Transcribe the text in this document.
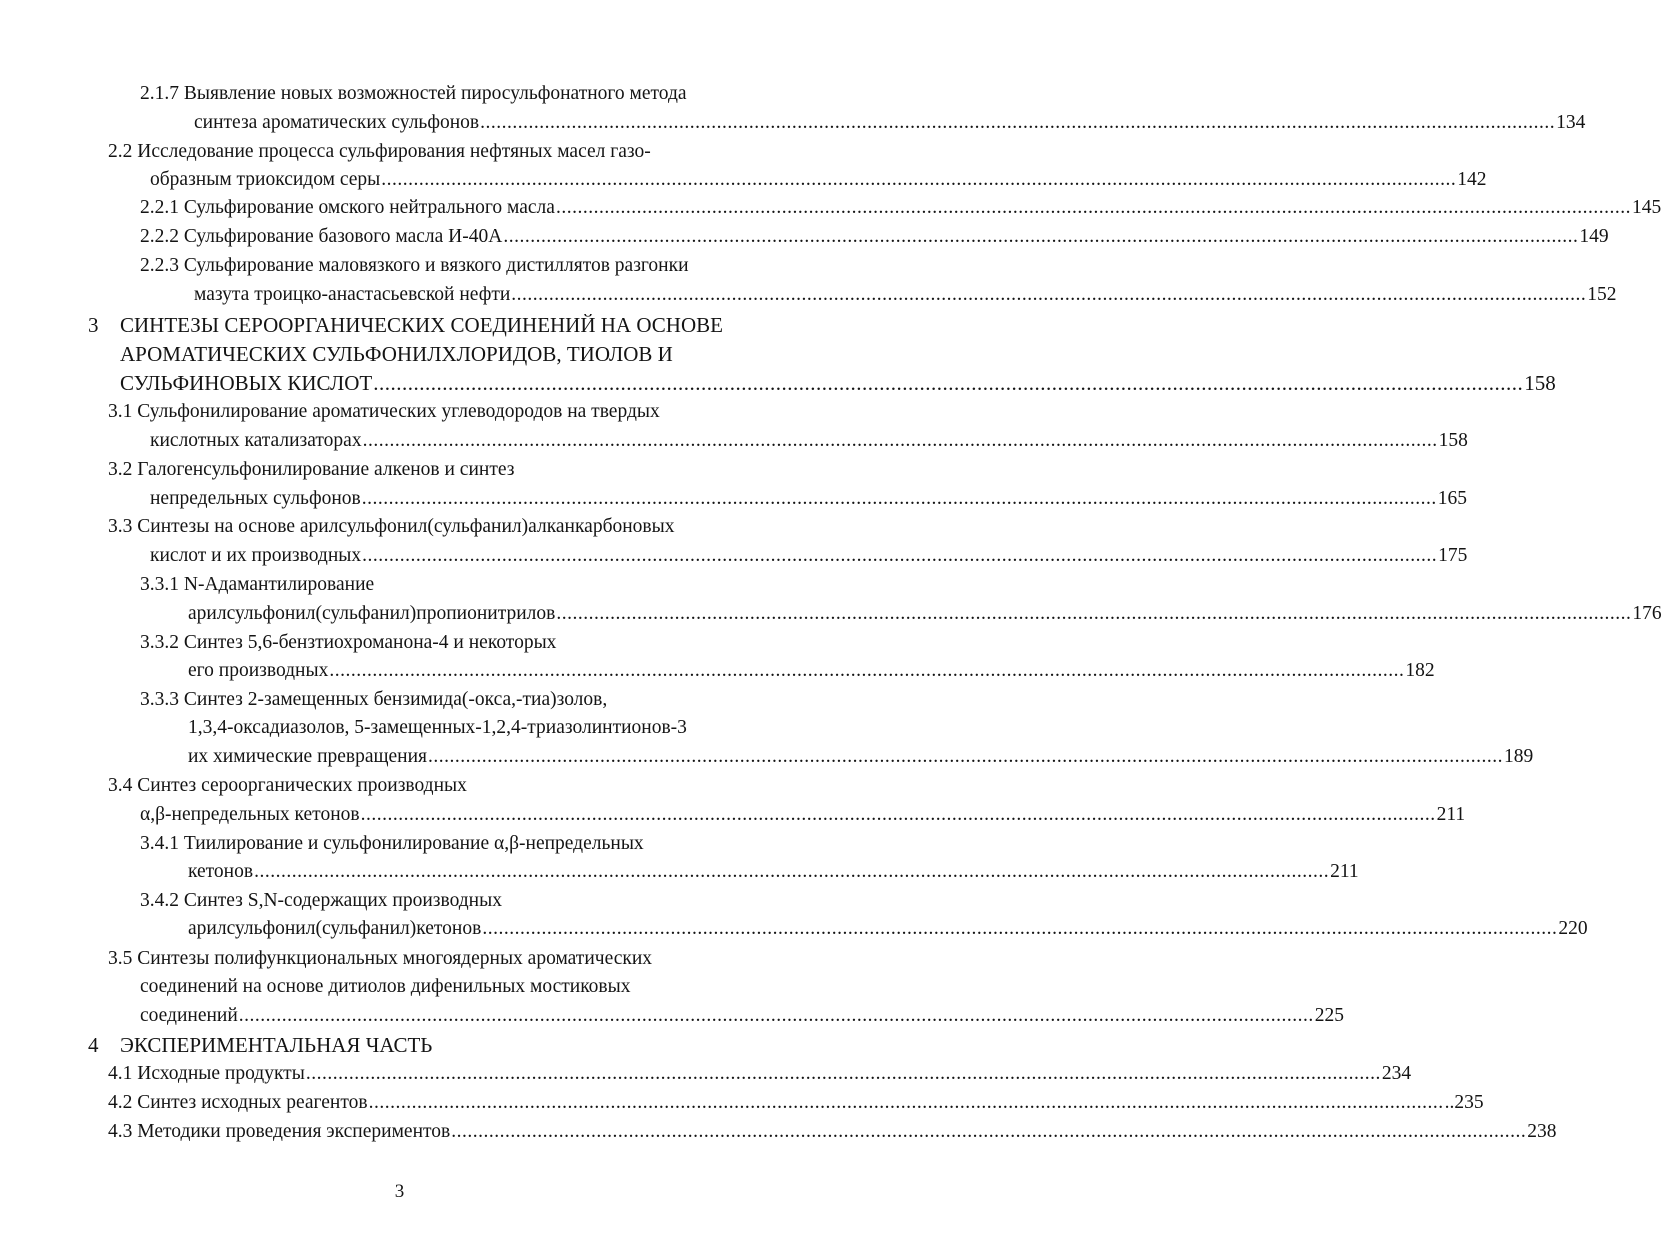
2.1.7 Выявление новых возможностей пиросульфонатного метода
синтеза ароматических сульфонов ........................................................................................................................................................................................................ 134
2.2 Исследование процесса сульфирования нефтяных масел газо-
образным триоксидом серы ........................................................................................................................................................................................................ 142
2.2.1 Сульфирование омского нейтрального масла ........................................................................................................................................................................................................ 145
2.2.2 Сульфирование базового масла И-40А ........................................................................................................................................................................................................ 149
2.2.3 Сульфирование маловязкого и вязкого дистиллятов разгонки
мазута троицко-анастасьевской нефти ........................................................................................................................................................................................................ 152
3 СИНТЕЗЫ СЕРООРГАНИЧЕСКИХ СОЕДИНЕНИЙ НА ОСНОВЕ
АРОМАТИЧЕСКИХ СУЛЬФОНИЛХЛОРИДОВ, ТИОЛОВ И
СУЛЬФИНОВЫХ КИСЛОТ ........................................................................................................................................................................................................ 158
3.1 Сульфонилирование ароматических углеводородов на твердых
кислотных катализаторах ........................................................................................................................................................................................................ 158
3.2 Галогенсульфонилирование алкенов и синтез
непредельных сульфонов ........................................................................................................................................................................................................ 165
3.3 Синтезы на основе арилсульфонил(сульфанил)алканкарбоновых
кислот и их производных ........................................................................................................................................................................................................ 175
3.3.1 N-Адамантилирование
арилсульфонил(сульфанил)пропионитрилов ........................................................................................................................................................................................................ 176
3.3.2 Синтез 5,6-бензтиохроманона-4 и некоторых
его производных ........................................................................................................................................................................................................ 182
3.3.3 Синтез 2-замещенных бензимида(-окса,-тиа)золов,
1,3,4-оксадиазолов, 5-замещенных-1,2,4-триазолинтионов-3
их химические превращения ........................................................................................................................................................................................................ 189
3.4 Синтез сероорганических производных
α,β-непредельных кетонов ........................................................................................................................................................................................................ 211
3.4.1 Тиилирование и сульфонилирование α,β-непредельных
кетонов ........................................................................................................................................................................................................ 211
3.4.2 Синтез S,N-содержащих производных
арилсульфонил(сульфанил)кетонов ........................................................................................................................................................................................................ 220
3.5 Синтезы полифункциональных многоядерных ароматических
соединений на основе дитиолов дифенильных мостиковых
соединений ........................................................................................................................................................................................................ 225
4 ЭКСПЕРИМЕНТАЛЬНАЯ ЧАСТЬ
4.1 Исходные продукты ........................................................................................................................................................................................................ 234
4.2 Синтез исходных реагентов ........................................................................................................................................................................................................ ..235
4.3 Методики проведения экспериментов ........................................................................................................................................................................................................ 238
3
